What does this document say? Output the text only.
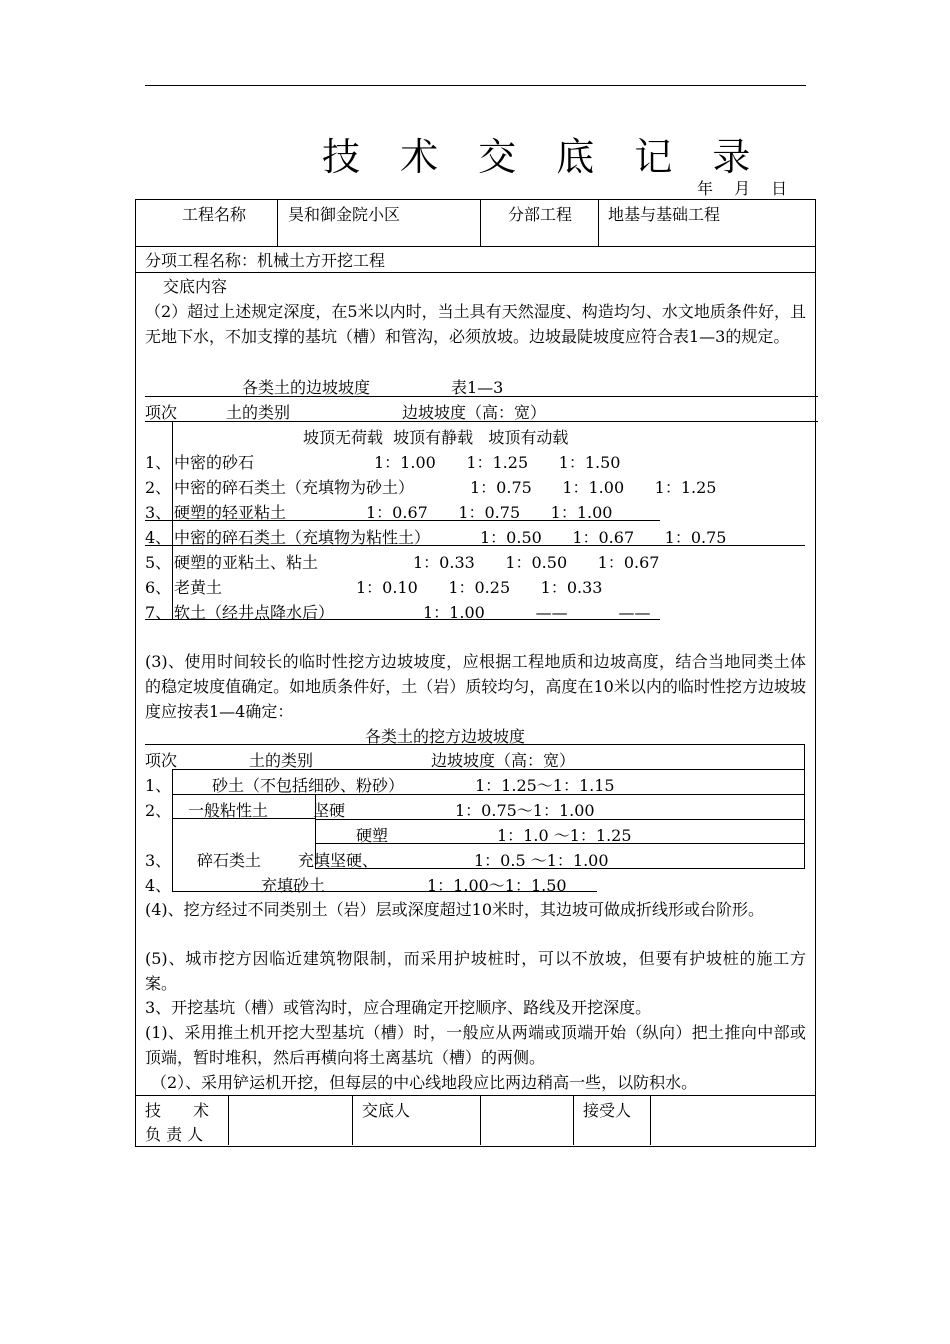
技 术 交 底 记 录
年　 月　 日
工程名称	昊和御金院小区	分部工程 地基与基础工程
分项工程名称：机械土方开挖工程
交底内容
（2）超过上述规定深度，在5米以内时，当土具有天然湿度、构造均匀、水文地质条件好，且无地下水，不加支撑的基坑（槽）和管沟，必须放坡。边坡最陡坡度应符合表1—3的规定。
各类土的边坡坡度	表1—3
项次	土的类别	边坡坡度（高：宽）
坡顶无荷载  坡顶有静载   坡顶有动载
1、 中密的砂石	1：1.00      1：1.25      1：1.50
2、 中密的碎石类土（充填物为砂土）	1：0.75      1：1.00      1：1.25
3、 硬塑的轻亚粘土	1：0.67      1：0.75      1：1.00
4、 中密的碎石类土（充填物为粘性土）	1：0.50      1：0.67      1：0.75
5、 硬塑的亚粘土、粘土	1：0.33      1：0.50      1：0.67
6、 老黄土	1：0.10      1：0.25      1：0.33
7、 软土（经井点降水后）	1：1.00          ——          ——
(3)、使用时间较长的临时性挖方边坡坡度，应根据工程地质和边坡高度，结合当地同类土体的稳定坡度值确定。如地质条件好，土（岩）质较均匀，高度在10米以内的临时性挖方边坡坡度应按表1—4确定：
各类土的挖方边坡坡度
项次	土的类别	边坡坡度（高：宽）
1、	砂土（不包括细砂、粉砂）	1：1.25～1：1.15
2、 一般粘性土	坚硬	1：0.75～1：1.00
硬塑	1：1.0 ～1：1.25
3、 碎石类土 充填坚硬、	1：0.5 ～1：1.00
4、	充填砂土	1：1.00～1：1.50
(4)、挖方经过不同类别土（岩）层或深度超过10米时，其边坡可做成折线形或台阶形。
(5)、城市挖方因临近建筑物限制，而采用护坡桩时，可以不放坡，但要有护坡桩的施工方案。
3、开挖基坑（槽）或管沟时，应合理确定开挖顺序、路线及开挖深度。
(1)、采用推土机开挖大型基坑（槽）时，一般应从两端或顶端开始（纵向）把土推向中部或顶端，暂时堆积，然后再横向将土离基坑（槽）的两侧。
（2）、采用铲运机开挖，但每层的中心线地段应比两边稍高一些，以防积水。
技　　术
负 责 人
交底人	接受人
